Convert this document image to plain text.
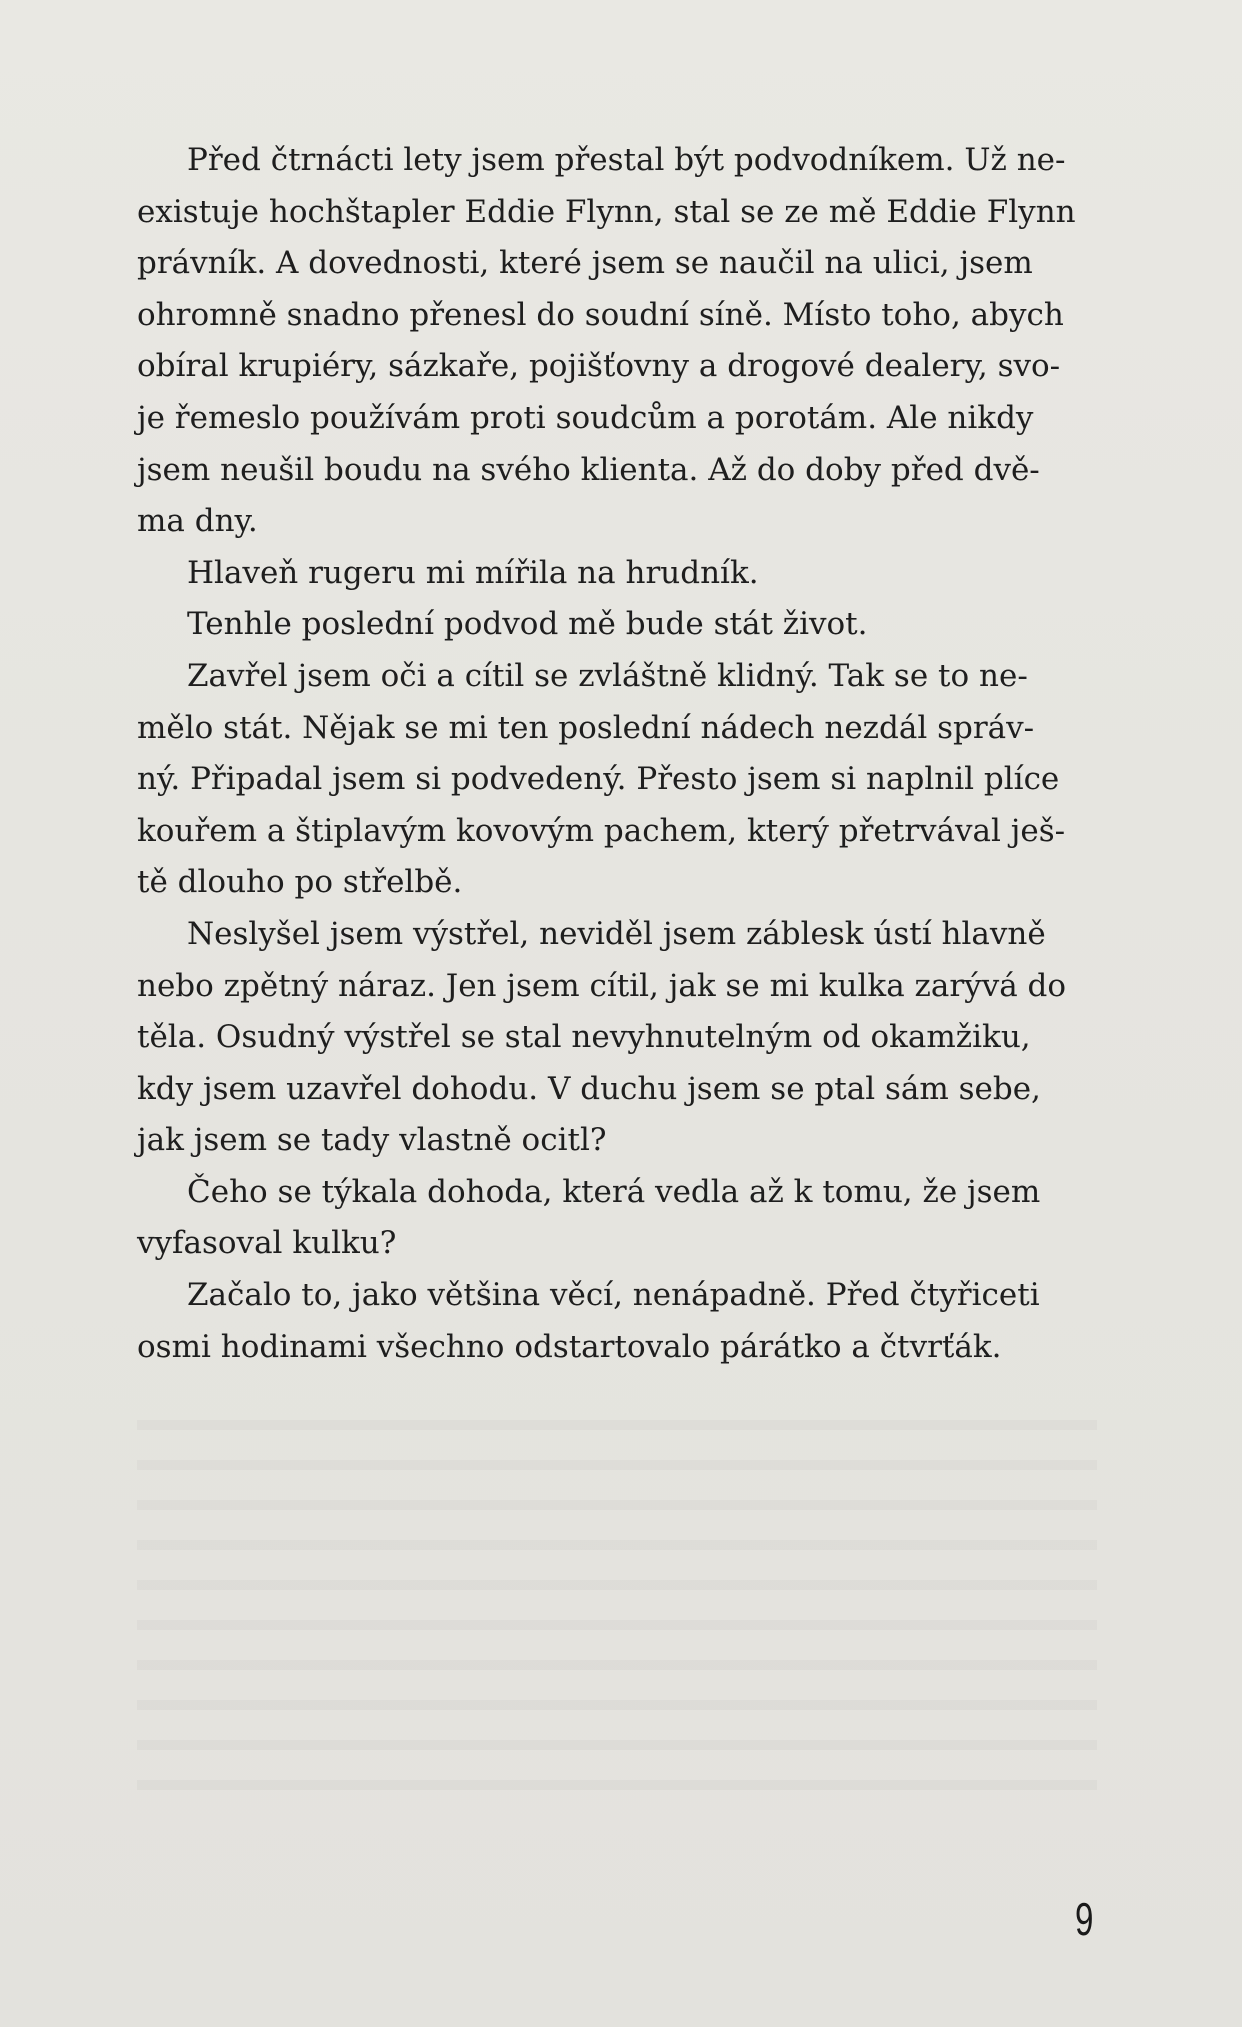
Před čtrnácti lety jsem přestal být podvodníkem. Už ne-
existuje hochštapler Eddie Flynn, stal se ze mě Eddie Flynn
právník. A dovednosti, které jsem se naučil na ulici, jsem
ohromně snadno přenesl do soudní síně. Místo toho, abych
obíral krupiéry, sázkaře, pojišťovny a drogové dealery, svo-
je řemeslo používám proti soudcům a porotám. Ale nikdy
jsem neušil boudu na svého klienta. Až do doby před dvě-
ma dny.
Hlaveň rugeru mi mířila na hrudník.
Tenhle poslední podvod mě bude stát život.
Zavřel jsem oči a cítil se zvláštně klidný. Tak se to ne-
mělo stát. Nějak se mi ten poslední nádech nezdál správ-
ný. Připadal jsem si podvedený. Přesto jsem si naplnil plíce
kouřem a štiplavým kovovým pachem, který přetrvával ješ-
tě dlouho po střelbě.
Neslyšel jsem výstřel, neviděl jsem záblesk ústí hlavně
nebo zpětný náraz. Jen jsem cítil, jak se mi kulka zarývá do
těla. Osudný výstřel se stal nevyhnutelným od okamžiku,
kdy jsem uzavřel dohodu. V duchu jsem se ptal sám sebe,
jak jsem se tady vlastně ocitl?
Čeho se týkala dohoda, která vedla až k tomu, že jsem
vyfasoval kulku?
Začalo to, jako většina věcí, nenápadně. Před čtyřiceti
osmi hodinami všechno odstartovalo párátko a čtvrťák.
9
